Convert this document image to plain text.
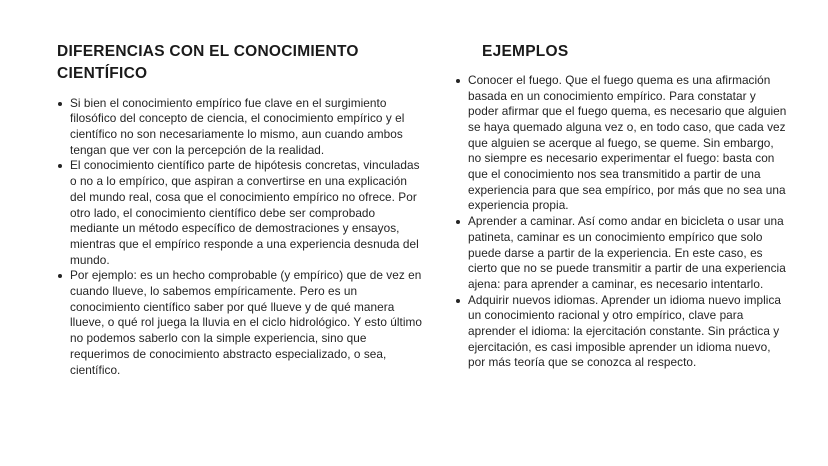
DIFERENCIAS CON EL CONOCIMIENTO CIENTÍFICO
Si bien el conocimiento empírico fue clave en el surgimiento filosófico del concepto de ciencia, el conocimiento empírico y el científico no son necesariamente lo mismo, aun cuando ambos tengan que ver con la percepción de la realidad.
El conocimiento científico parte de hipótesis concretas, vinculadas o no a lo empírico, que aspiran a convertirse en una explicación del mundo real, cosa que el conocimiento empírico no ofrece. Por otro lado, el conocimiento científico debe ser comprobado mediante un método específico de demostraciones y ensayos, mientras que el empírico responde a una experiencia desnuda del mundo.
Por ejemplo: es un hecho comprobable (y empírico) que de vez en cuando llueve, lo sabemos empíricamente. Pero es un conocimiento científico saber por qué llueve y de qué manera llueve, o qué rol juega la lluvia en el ciclo hidrológico. Y esto último no podemos saberlo con la simple experiencia, sino que requerimos de conocimiento abstracto especializado, o sea, científico.
EJEMPLOS
Conocer el fuego. Que el fuego quema es una afirmación basada en un conocimiento empírico. Para constatar y poder afirmar que el fuego quema, es necesario que alguien se haya quemado alguna vez o, en todo caso, que cada vez que alguien se acerque al fuego, se queme. Sin embargo, no siempre es necesario experimentar el fuego: basta con que el conocimiento nos sea transmitido a partir de una experiencia para que sea empírico, por más que no sea una experiencia propia.
Aprender a caminar. Así como andar en bicicleta o usar una patineta, caminar es un conocimiento empírico que solo puede darse a partir de la experiencia. En este caso, es cierto que no se puede transmitir a partir de una experiencia ajena: para aprender a caminar, es necesario intentarlo.
Adquirir nuevos idiomas. Aprender un idioma nuevo implica un conocimiento racional y otro empírico, clave para aprender el idioma: la ejercitación constante. Sin práctica y ejercitación, es casi imposible aprender un idioma nuevo, por más teoría que se conozca al respecto.
